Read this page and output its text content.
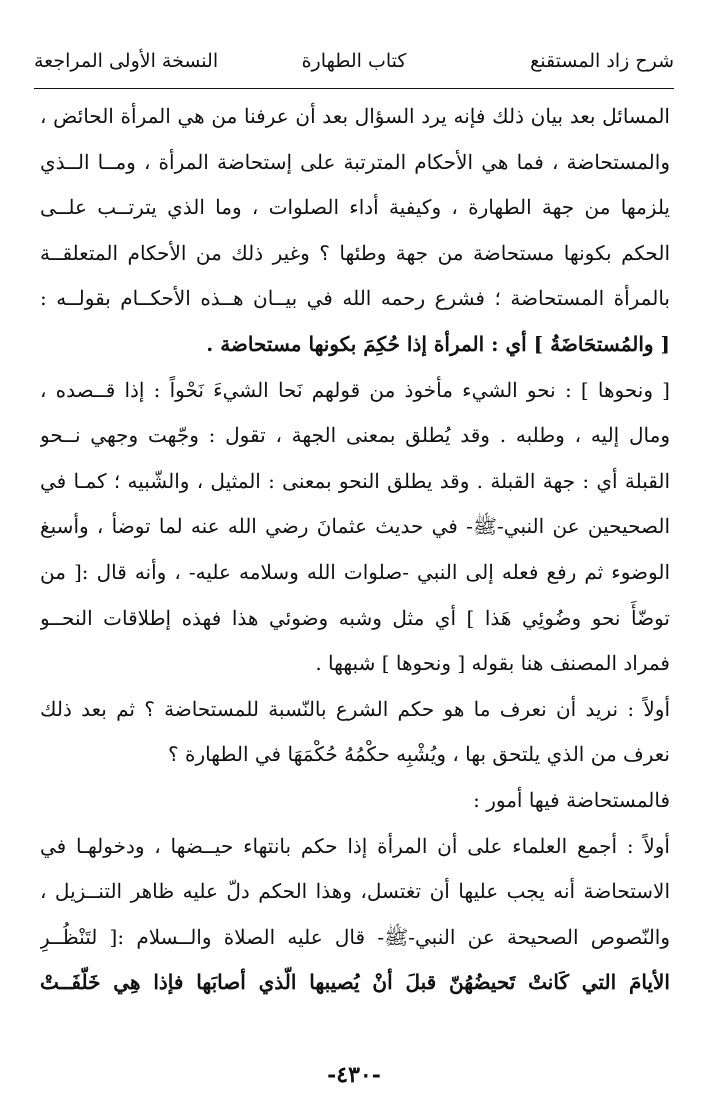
شرح زاد المستقنع
كتاب الطهارة
النسخة الأولى المراجعة
المسائل بعد بيان ذلك فإنه يرد السؤال بعد أن عرفنا من هي المرأة الحائض ،
والمستحاضة ، فما هي الأحكام المترتبة على إستحاضة المرأة ، ومــا الــذي
يلزمها من جهة الطهارة ، وكيفية أداء الصلوات ، وما الذي يترتــب علــى
الحكم بكونها مستحاضة من جهة وطئها ؟ وغير ذلك من الأحكام المتعلقــة
بالمرأة المستحاضة ؛ فشرع رحمه الله في بيــان هــذه الأحكــام بقولــه :
[ والمُستحَاضَةُ ] أي : المرأة إذا حُكِمَ بكونها مستحاضة .
[ ونحوها ] : نحو الشيء مأخوذ من قولهم نَحا الشيءَ نَحْواً : إذا قــصده ،
ومال إليه ، وطلبه . وقد يُطلق بمعنى الجهة ، تقول : وجّهت وجهي نــحو
القبلة أي : جهة القبلة . وقد يطلق النحو بمعنى : المثيل ، والشّبيه ؛ كمـا في
الصحيحين عن النبي-ﷺ- في حديث عثمانَ رضي الله عنه لما توضأ ، وأسبغ
الوضوء ثم رفع فعله إلى النبي -صلوات الله وسلامه عليه- ، وأنه قال :[ من
توضّأَ نحو وضُوئِي هَذا ] أي مثل وشبه وضوئي هذا فهذه إطلاقات النحــو
فمراد المصنف هنا بقوله [ ونحوها ] شبهها .
أولاً : نريد أن نعرف ما هو حكم الشرع بالنّسبة للمستحاضة ؟ ثم بعد ذلك
نعرف من الذي يلتحق بها ، ويُشْبِه حكْمُهُ حُكْمَهَا في الطهارة ؟
فالمستحاضة فيها أمور :
أولاً : أجمع العلماء على أن المرأة إذا حكم بانتهاء حيــضها ، ودخولهـا في
الاستحاضة أنه يجب عليها أن تغتسل، وهذا الحكم دلّ عليه ظاهر التنــزيل ،
والنّصوص الصحيحة عن النبي-ﷺ- قال عليه الصلاة والــسلام :[ لتَنْظُــرِ
الأيامَ التي كَانتْ تَحيضُهُنّ قبلَ أنْ يُصيبها الّذي أصابَها فإذا هِي خَلّفَــتْ
-٤٣٠-
